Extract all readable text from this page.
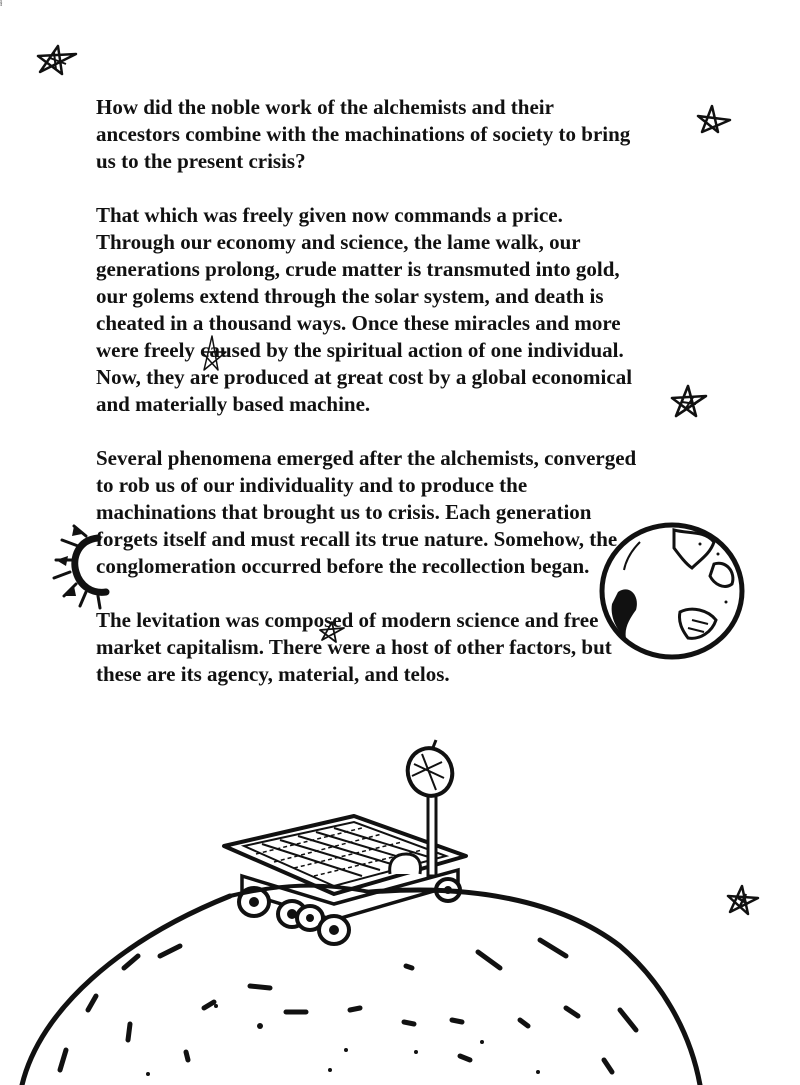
ɫ

How did the noble work of the alchemists and their
ancestors combine with the machinations of society to bring
us to the present crisis?

That which was freely given now commands a price.
Through our economy and science, the lame walk, our
generations prolong, crude matter is transmuted into gold,
our golems extend through the solar system, and death is
cheated in a thousand ways. Once these miracles and more
were freely caused by the spiritual action of one individual.
Now, they are produced at great cost by a global economical
and materially based machine.

Several phenomena emerged after the alchemists, converged
to rob us of our individuality and to produce the
machinations that brought us to crisis. Each generation
forgets itself and must recall its true nature. Somehow, the
conglomeration occurred before the recollection began.

The levitation was composed of modern science and free
market capitalism. There were a host of other factors, but
these are its agency, material, and telos.
